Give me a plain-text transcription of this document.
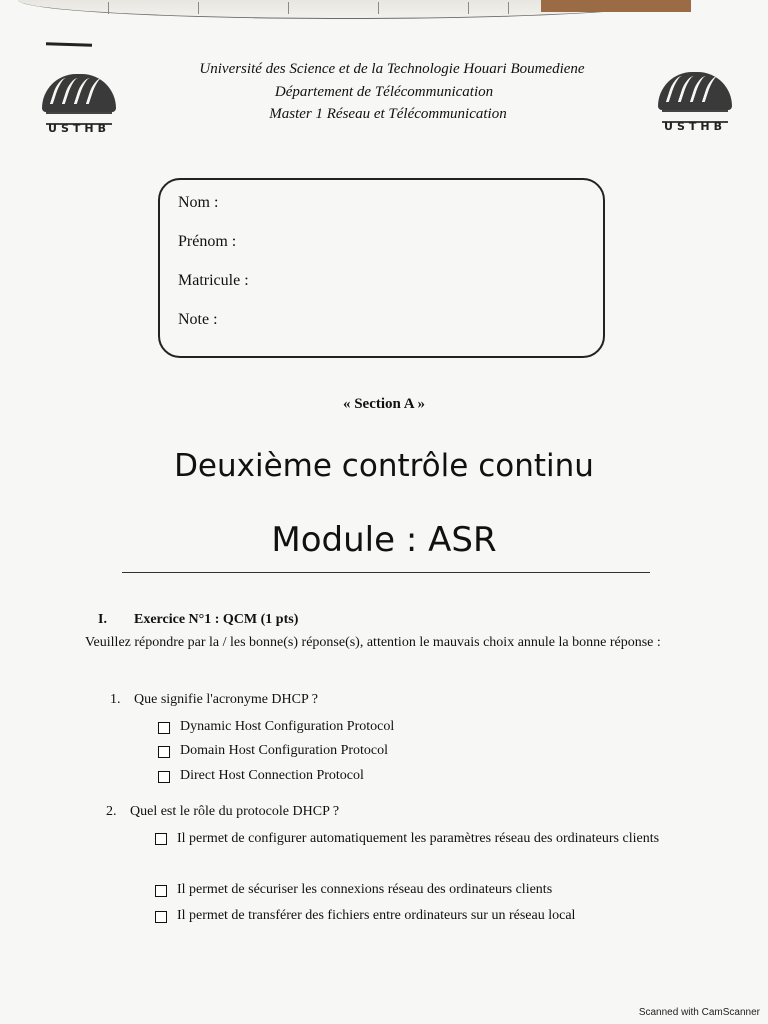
USTHB	USTHB
Université des Science et de la Technologie Houari Boumediene
Département de Télécommunication
Master 1 Réseau et Télécommunication
Nom :
Prénom :
Matricule :
Note :
« Section A »
Deuxième contrôle continu
Module : ASR
I. Exercice N°1 : QCM (1 pts)
Veuillez répondre par la / les bonne(s) réponse(s), attention le mauvais choix annule la bonne réponse :
1. Que signifie l'acronyme DHCP ?
Dynamic Host Configuration Protocol
Domain Host Configuration Protocol
Direct Host Connection Protocol
2. Quel est le rôle du protocole DHCP ?
Il permet de configurer automatiquement les paramètres réseau des ordinateurs clients
Il permet de sécuriser les connexions réseau des ordinateurs clients
Il permet de transférer des fichiers entre ordinateurs sur un réseau local
Scanned with CamScanner
